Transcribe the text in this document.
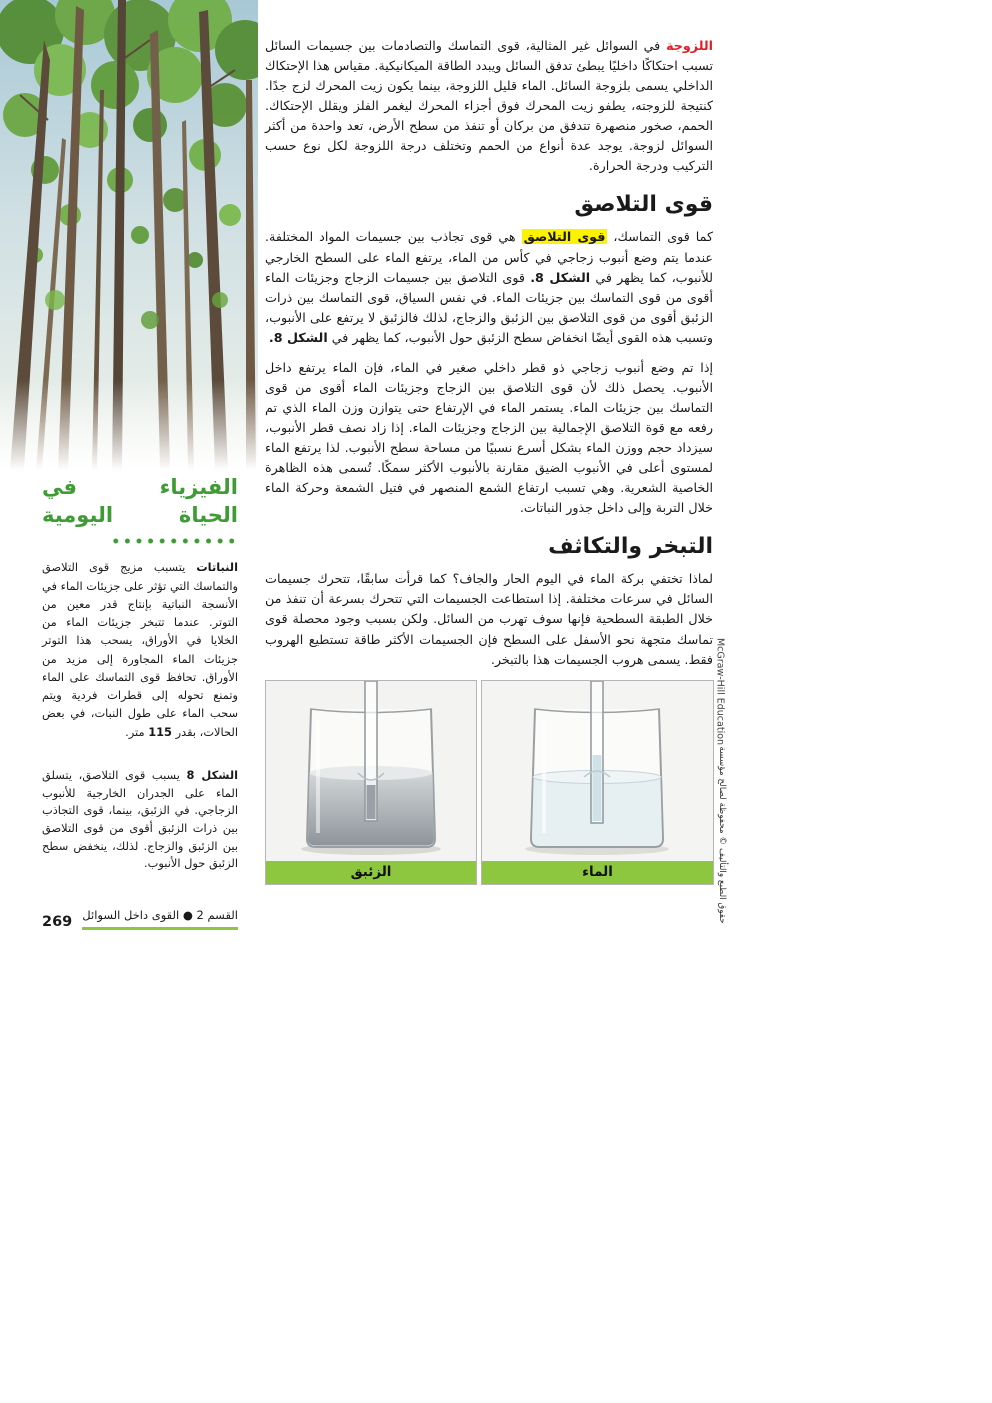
الفيزياء في
الحياة اليومية

النباتات يتسبب مزيج قوى التلاصق والتماسك التي تؤثر على جزيئات الماء في الأنسجة النباتية بإنتاج قدر معين من التوتر. عندما تتبخر جزيئات الماء من الخلايا في الأوراق، يسحب هذا التوتر جزيئات الماء المجاورة إلى مزيد من الأوراق. تحافظ قوى التماسك على الماء وتمنع تحوله إلى قطرات فردية ويتم سحب الماء على طول النبات، في بعض الحالات، بقدر 115 متر.

الشكل 8 يسبب قوى التلاصق، يتسلق الماء على الجدران الخارجية للأنبوب الزجاجي. في الزئبق، بينما، قوى التجاذب بين ذرات الزئبق أقوى من قوى التلاصق بين الزئبق والزجاج. لذلك، ينخفض سطح الزئبق حول الأنبوب.

اللزوجة في السوائل غير المثالية، قوى التماسك والتصادمات بين جسيمات السائل تسبب احتكاكًا داخليًا يبطئ تدفق السائل ويبدد الطاقة الميكانيكية. مقياس هذا الإحتكاك الداخلي يسمى بلزوجة السائل. الماء قليل اللزوجة، بينما يكون زيت المحرك لزج جدًا. كنتيجة للزوجته، يطفو زيت المحرك فوق أجزاء المحرك ليغمر الفلز ويقلل الإحتكاك. الحمم، صخور منصهرة تتدفق من بركان أو تنفذ من سطح الأرض، تعد واحدة من أكثر السوائل لزوجة. يوجد عدة أنواع من الحمم وتختلف درجة اللزوجة لكل نوع حسب التركيب ودرجة الحرارة.

قوى التلاصق

كما قوى التماسك، قوى التلاصق هي قوى تجاذب بين جسيمات المواد المختلفة. عندما يتم وضع أنبوب زجاجي في كأس من الماء، يرتفع الماء على السطح الخارجي للأنبوب، كما يظهر في الشكل 8. قوى التلاصق بين جسيمات الزجاج وجزيئات الماء أقوى من قوى التماسك بين جزيئات الماء. في نفس السياق، قوى التماسك بين ذرات الزئبق أقوى من قوى التلاصق بين الزئبق والزجاج، لذلك فالزئبق لا يرتفع على الأنبوب، وتسبب هذه القوى أيضًا انخفاض سطح الزئبق حول الأنبوب، كما يظهر في الشكل 8.

إذا تم وضع أنبوب زجاجي ذو قطر داخلي صغير في الماء، فإن الماء يرتفع داخل الأنبوب. يحصل ذلك لأن قوى التلاصق بين الزجاج وجزيئات الماء أقوى من قوى التماسك بين جزيئات الماء. يستمر الماء في الإرتفاع حتى يتوازن وزن الماء الذي تم رفعه مع قوة التلاصق الإجمالية بين الزجاج وجزيئات الماء. إذا زاد نصف قطر الأنبوب، سيزداد حجم ووزن الماء بشكل أسرع نسبيًا من مساحة سطح الأنبوب. لذا يرتفع الماء لمستوى أعلى في الأنبوب الضيق مقارنة بالأنبوب الأكثر سمكًا. تُسمى هذه الظاهرة الخاصية الشعرية. وهي تسبب ارتفاع الشمع المنصهر في فتيل الشمعة وحركة الماء خلال التربة وإلى داخل جذور النباتات.

التبخر والتكاثف

لماذا تختفي بركة الماء في اليوم الحار والجاف؟ كما قرأت سابقًا، تتحرك جسيمات السائل في سرعات مختلفة. إذا استطاعت الجسيمات التي تتحرك بسرعة أن تنفذ من خلال الطبقة السطحية فإنها سوف تهرب من السائل. ولكن بسبب وجود محصلة قوى تماسك متجهة نحو الأسفل على السطح فإن الجسيمات الأكثر طاقة تستطيع الهروب فقط. يسمى هروب الجسيمات هذا بالتبخر.

الزئبق	الماء
McGraw-Hill Education
حقوق الطبع والتأليف © محفوظة لصالح مؤسسة
269 القسم 2 ● القوى داخل السوائل
